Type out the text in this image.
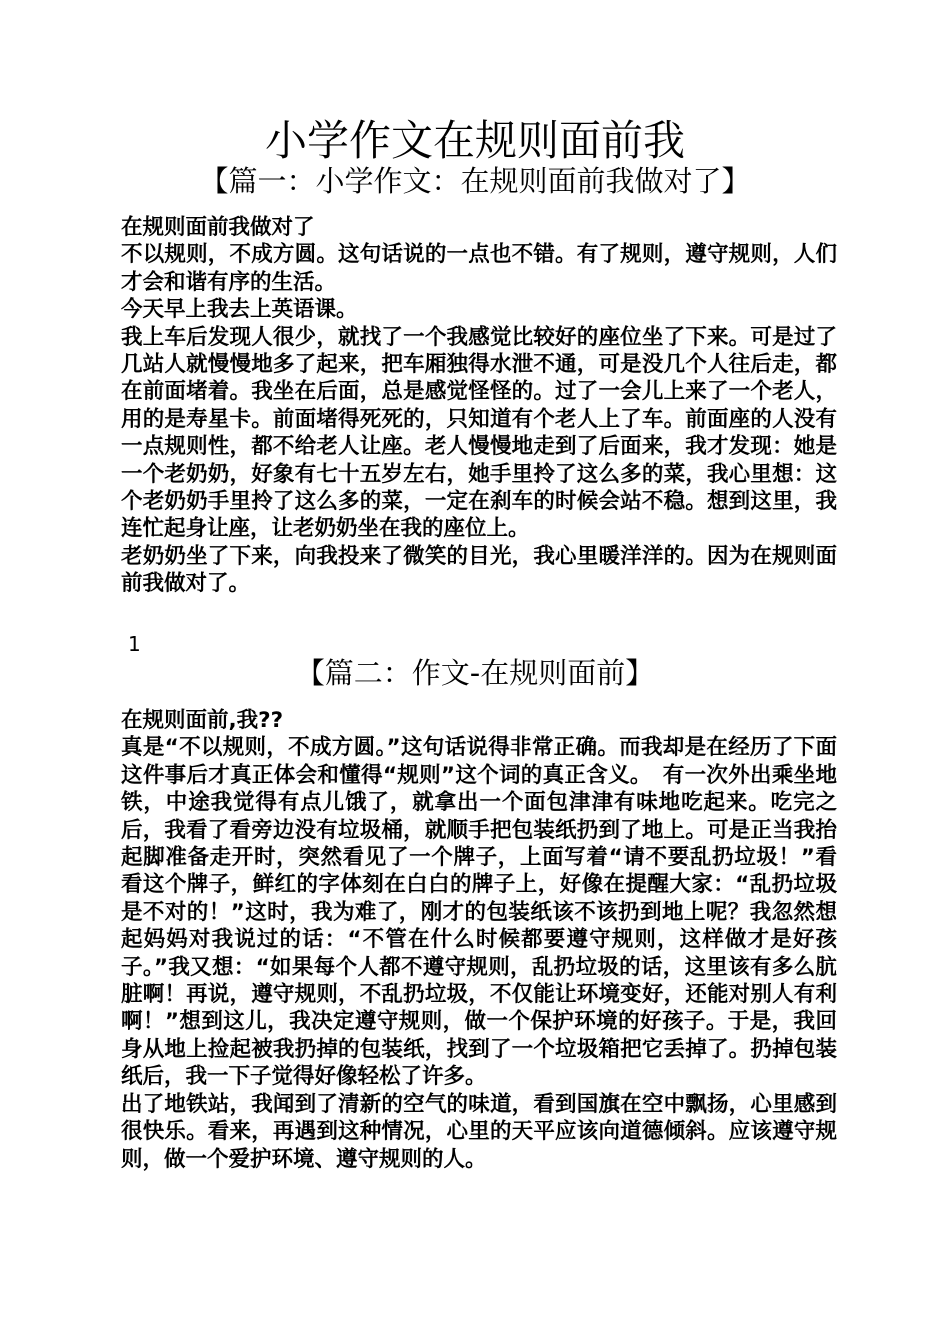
小学作文在规则面前我
【篇一：小学作文：在规则面前我做对了】

在规则面前我做对了

不以规则，不成方圆。这句话说的一点也不错。有了规则，遵守规则，人们才会和谐有序的生活。

今天早上我去上英语课。

我上车后发现人很少，就找了一个我感觉比较好的座位坐了下来。可是过了几站人就慢慢地多了起来，把车厢独得水泄不通，可是没几个人往后走，都在前面堵着。我坐在后面，总是感觉怪怪的。过了一会儿上来了一个老人，用的是寿星卡。前面堵得死死的，只知道有个老人上了车。前面座的人没有一点规则性，都不给老人让座。老人慢慢地走到了后面来，我才发现：她是一个老奶奶，好象有七十五岁左右，她手里拎了这么多的菜，我心里想：这个老奶奶手里拎了这么多的菜，一定在刹车的时候会站不稳。想到这里，我连忙起身让座，让老奶奶坐在我的座位上。

老奶奶坐了下来，向我投来了微笑的目光，我心里暖洋洋的。因为在规则面前我做对了。

1
【篇二：作文-在规则面前】

在规则面前,我??

真是“不以规则，不成方圆。”这句话说得非常正确。而我却是在经历了下面这件事后才真正体会和懂得“规则”这个词的真正含义。　有一次外出乘坐地铁，中途我觉得有点儿饿了，就拿出一个面包津津有味地吃起来。吃完之后，我看了看旁边没有垃圾桶，就顺手把包装纸扔到了地上。可是正当我抬起脚准备走开时，突然看见了一个牌子，上面写着“请不要乱扔垃圾！”看看这个牌子，鲜红的字体刻在白白的牌子上，好像在提醒大家：“乱扔垃圾是不对的！”这时，我为难了，刚才的包装纸该不该扔到地上呢？我忽然想起妈妈对我说过的话：“不管在什么时候都要遵守规则，这样做才是好孩子。”我又想：“如果每个人都不遵守规则，乱扔垃圾的话，这里该有多么肮脏啊！再说，遵守规则，不乱扔垃圾，不仅能让环境变好，还能对别人有利啊！”想到这儿，我决定遵守规则，做一个保护环境的好孩子。于是，我回身从地上捡起被我扔掉的包装纸，找到了一个垃圾箱把它丢掉了。扔掉包装纸后，我一下子觉得好像轻松了许多。

出了地铁站，我闻到了清新的空气的味道，看到国旗在空中飘扬，心里感到很快乐。看来，再遇到这种情况，心里的天平应该向道德倾斜。应该遵守规则，做一个爱护环境、遵守规则的人。
